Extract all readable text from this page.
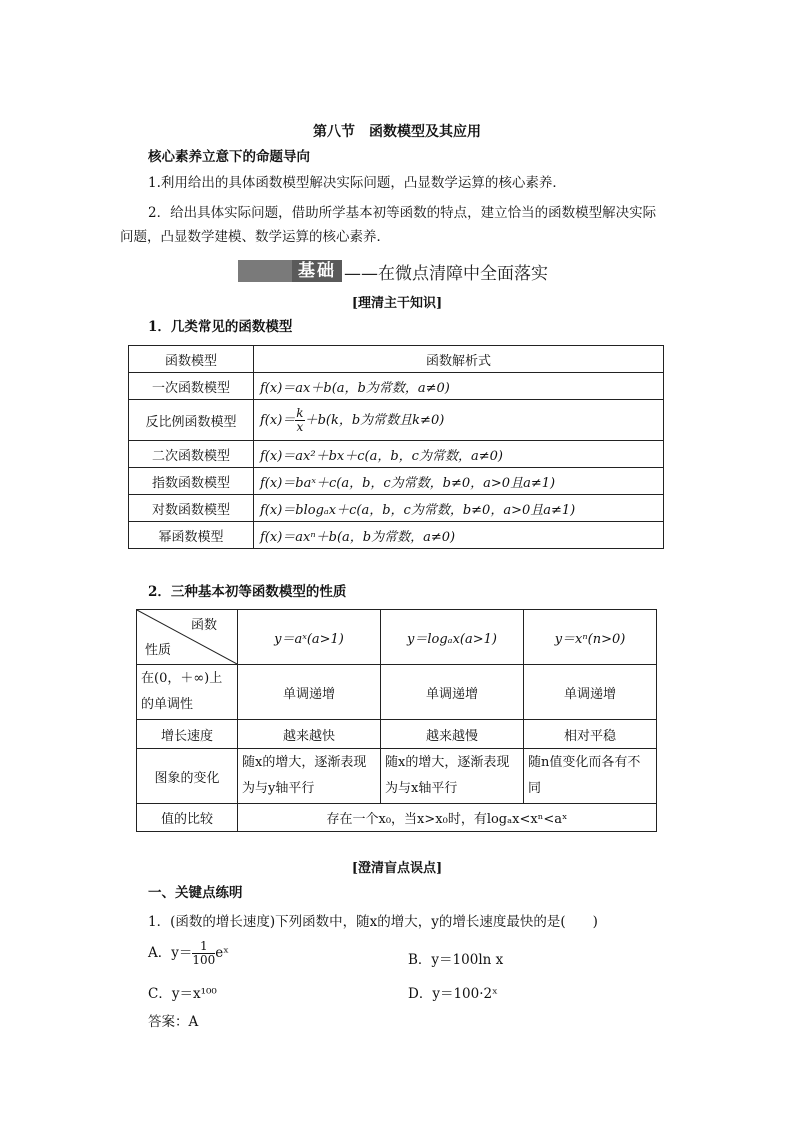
第八节　函数模型及其应用
核心素养立意下的命题导向
1.利用给出的具体函数模型解决实际问题，凸显数学运算的核心素养．
2．给出具体实际问题，借助所学基本初等函数的特点，建立恰当的函数模型解决实际
问题，凸显数学建模、数学运算的核心素养．
基础 ——在微点清障中全面落实
[理清主干知识]
1．几类常见的函数模型
函数模型	函数解析式
一次函数模型	f(x)＝ax＋b(a，b为常数，a≠0)
反比例函数模型	$f(x)= \frac{k}{x} +b(k$，b为常数且k≠0)
二次函数模型	f(x)＝ax²＋bx＋c(a，b，c为常数，a≠0)
指数函数模型	f(x)＝baˣ＋c(a，b，c为常数，b≠0，a>0且a≠1)
对数函数模型	f(x)＝blogₐx＋c(a，b，c为常数，b≠0，a>0且a≠1)
幂函数模型	f(x)＝axⁿ＋b(a，b为常数，a≠0)
2．三种基本初等函数模型的性质
函数
性质	y＝aˣ(a>1)	y＝logₐx(a>1)	y＝xⁿ(n>0)
在(0，＋∞)上的单调性	单调递增	单调递增	单调递增
增长速度	越来越快	越来越慢	相对平稳
图象的变化	随x的增大，逐渐表现为与y轴平行	随x的增大，逐渐表现为与x轴平行	随n值变化而各有不同
值的比较	存在一个x₀，当x>x₀时，有logₐx<xⁿ<aˣ		
[澄清盲点误点]
一、关键点练明
1．(函数的增长速度)下列函数中，随x的增大，y的增长速度最快的是(　　)
A．$y= \frac{1}{100}$ eˣ	B．y＝100ln x
C．y＝x¹⁰⁰	D．y＝100·2ˣ
答案：A
